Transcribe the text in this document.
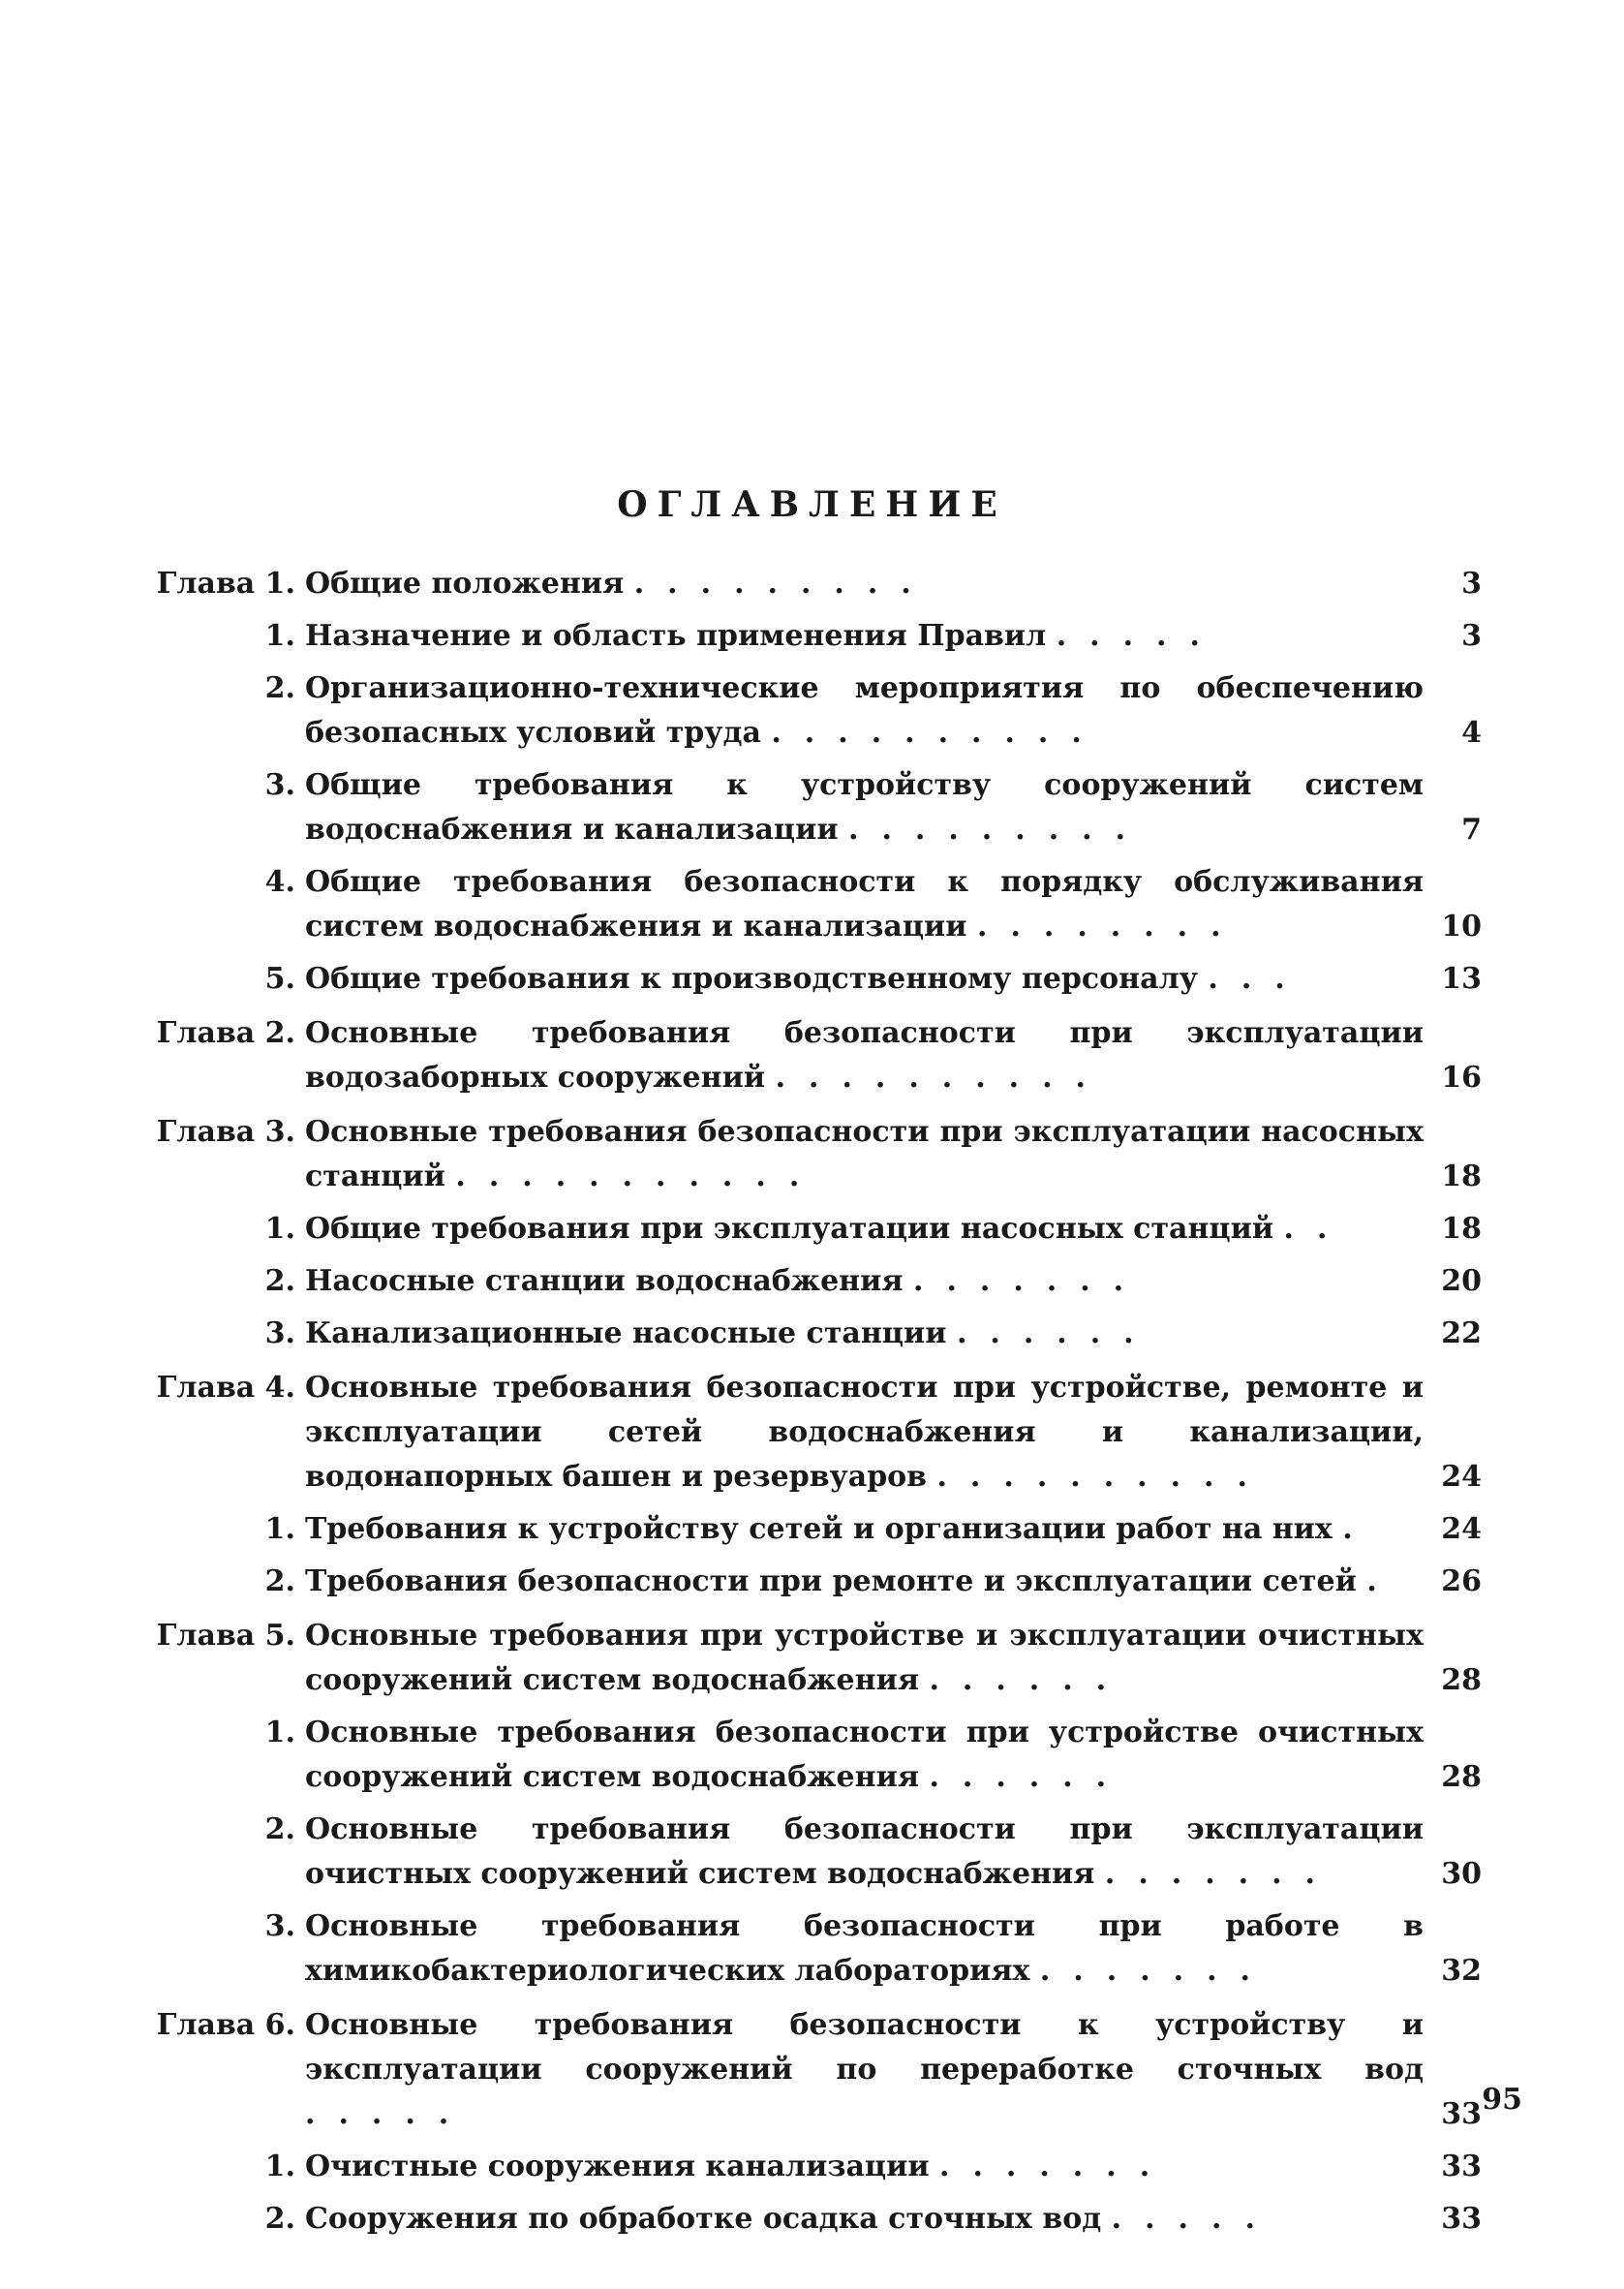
ОГЛАВЛЕНИЕ
Глава 1. Общие положения .........	3
1. Назначение и область применения Правил .....	3
2. Организационно-технические мероприятия по обеспечению безопасных условий труда ..........	4
3. Общие требования к устройству сооружений систем водоснабжения и канализации .........	7
4. Общие требования безопасности к порядку обслуживания систем водоснабжения и канализации ........	10
5. Общие требования к производственному персоналу ...	13
Глава 2. Основные требования безопасности при эксплуатации водозаборных сооружений ..........	16
Глава 3. Основные требования безопасности при эксплуатации насосных станций ...........	18
1. Общие требования при эксплуатации насосных станций ..	18
2. Насосные станции водоснабжения .......	20
3. Канализационные насосные станции ......	22
Глава 4. Основные требования безопасности при устройстве, ремонте и эксплуатации сетей водоснабжения и канализации, водонапорных башен и резервуаров ..........	24
1. Требования к устройству сетей и организации работ на них .	24
2. Требования безопасности при ремонте и эксплуатации сетей .	26
Глава 5. Основные требования при устройстве и эксплуатации очистных сооружений систем водоснабжения ......	28
1. Основные требования безопасности при устройстве очистных сооружений систем водоснабжения ......	28
2. Основные требования безопасности при эксплуатации очистных сооружений систем водоснабжения .......	30
3. Основные требования безопасности при работе в химикобактериологических лабораториях .......	32
Глава 6. Основные требования безопасности к устройству и эксплуатации сооружений по переработке сточных вод .....	33
1. Очистные сооружения канализации .......	33
2. Сооружения по обработке осадка сточных вод .....	33
95
